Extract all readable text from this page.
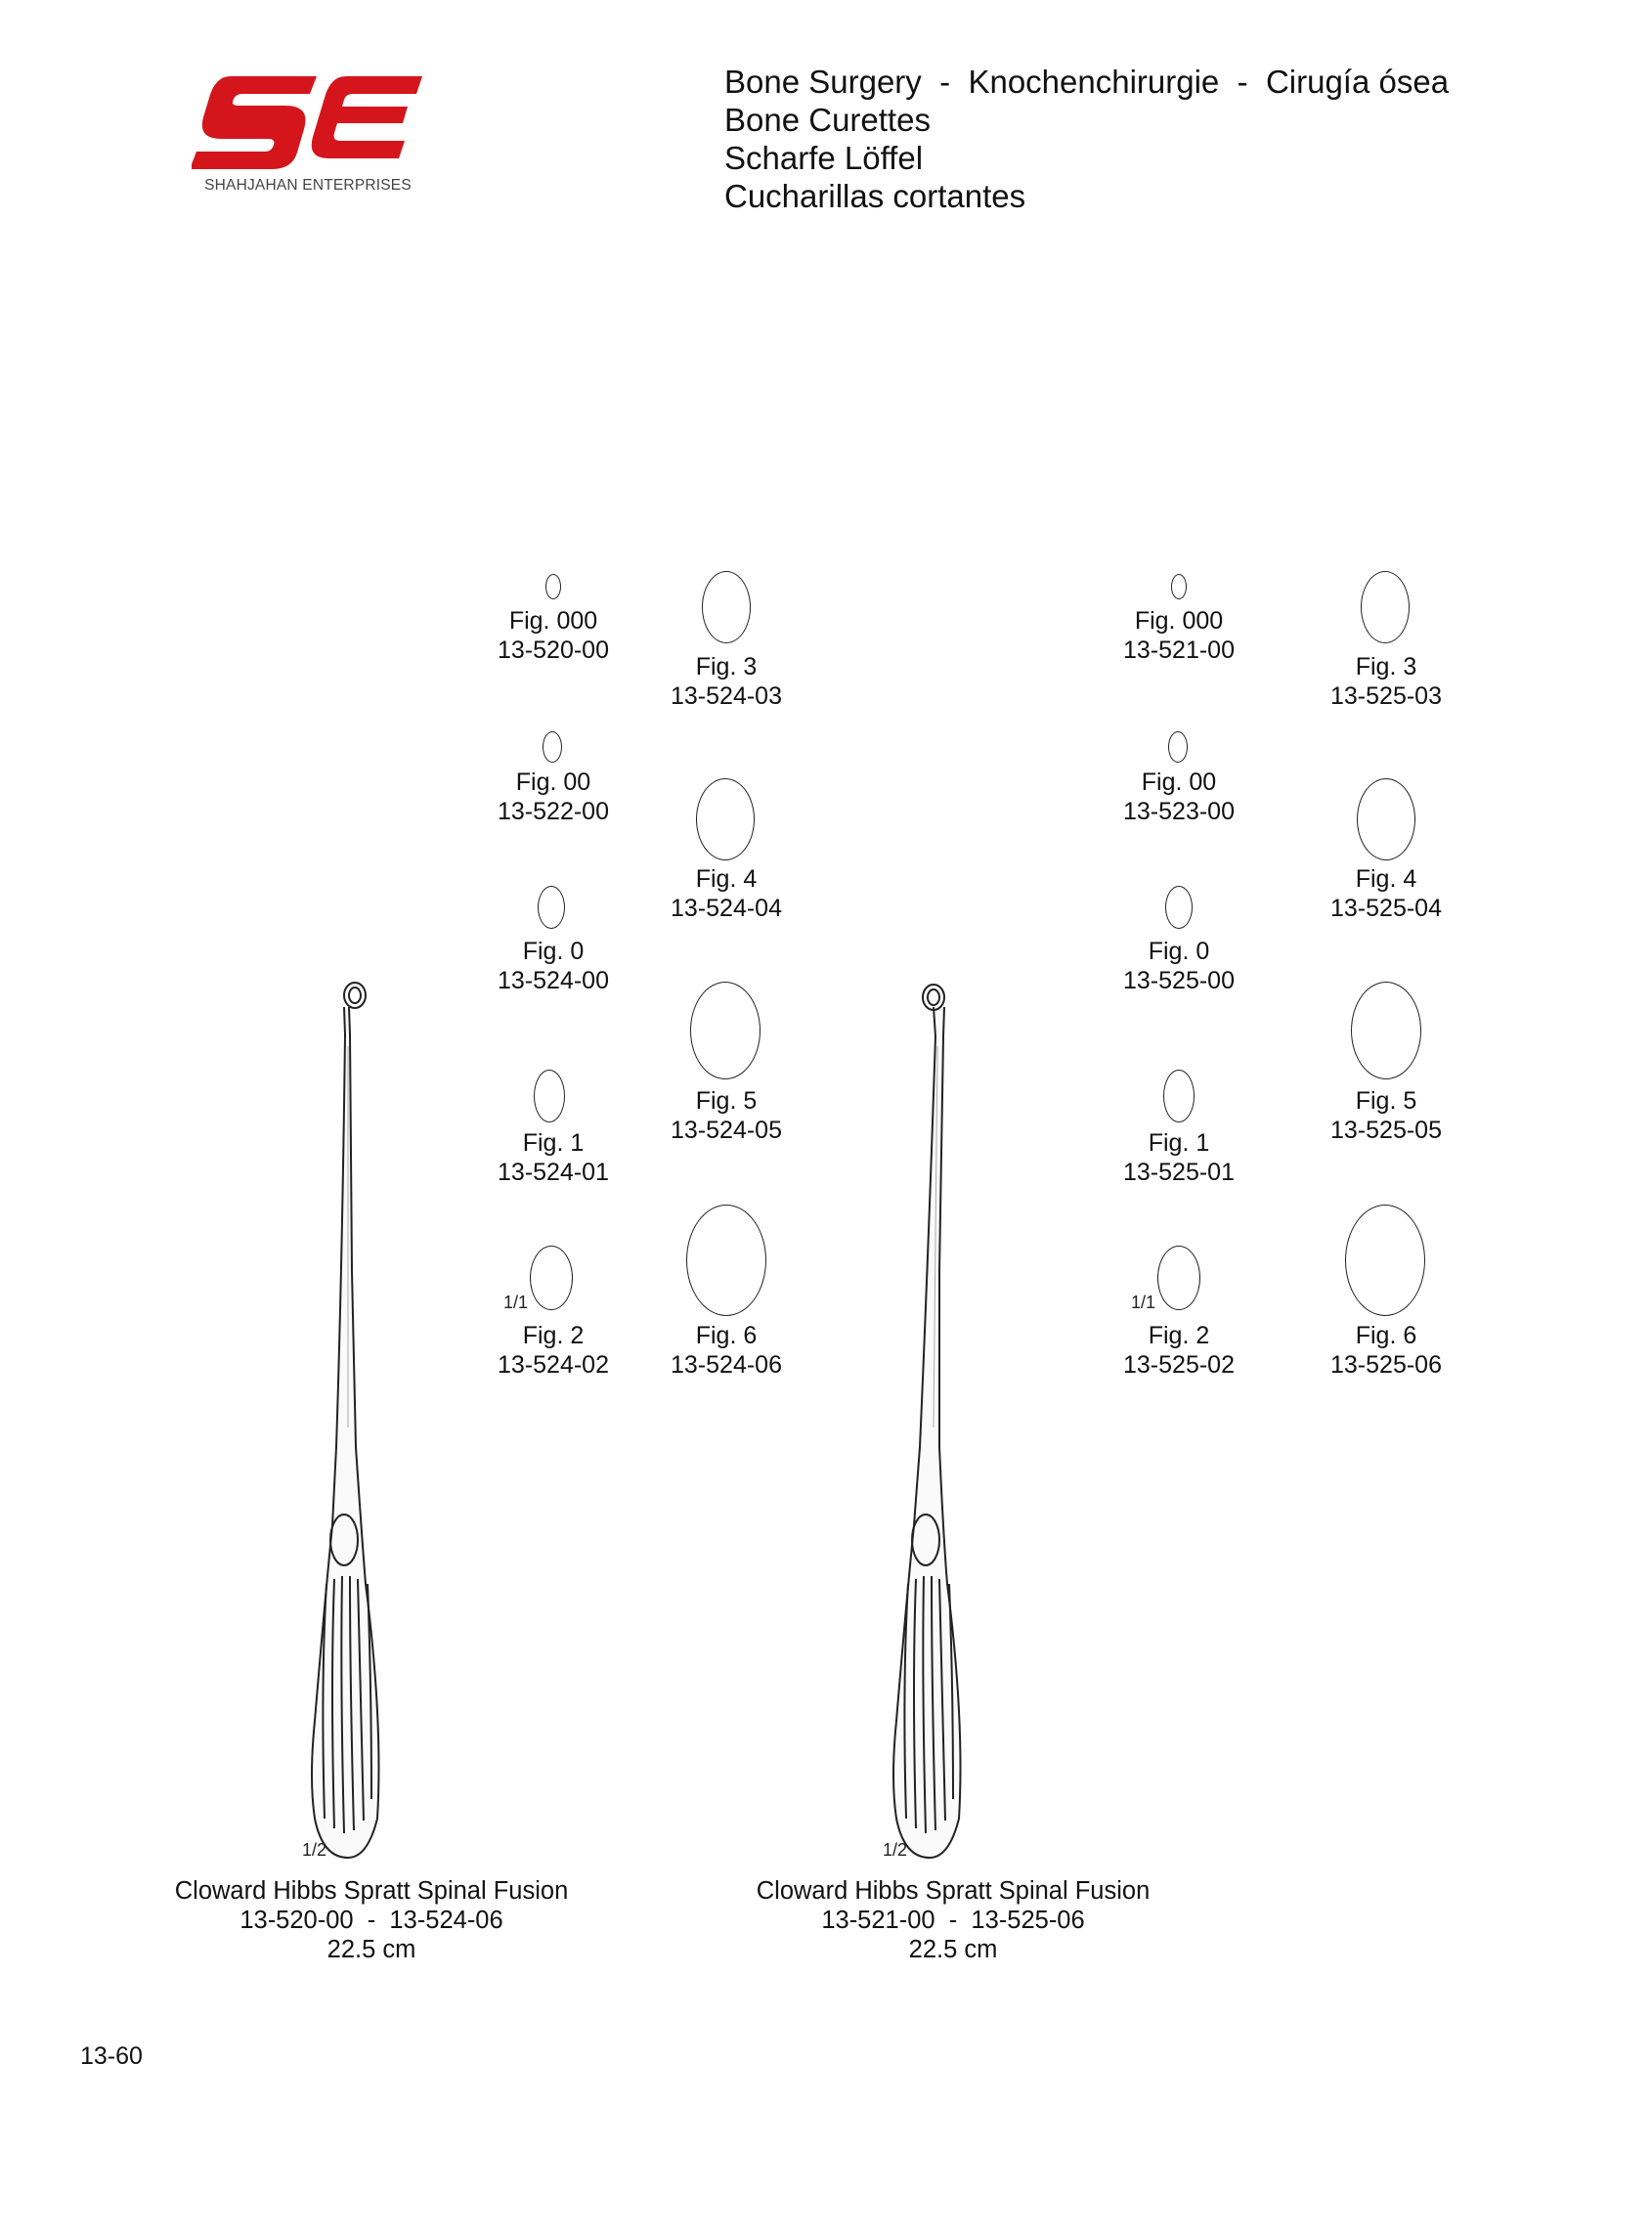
SHAHJAHAN ENTERPRISES
Bone Surgery  -  Knochenchirurgie  -  Cirugía ósea
Bone Curettes
Scharfe Löffel
Cucharillas cortantes
Fig. 000
13-520-00
Fig. 00
13-522-00
Fig. 0
13-524-00
Fig. 1
13-524-01
1/1
Fig. 2
13-524-02
Fig. 3
13-524-03
Fig. 4
13-524-04
Fig. 5
13-524-05
Fig. 6
13-524-06
Fig. 000
13-521-00
Fig. 00
13-523-00
Fig. 0
13-525-00
Fig. 1
13-525-01
1/1
Fig. 2
13-525-02
Fig. 3
13-525-03
Fig. 4
13-525-04
Fig. 5
13-525-05
Fig. 6
13-525-06
1/2	1/2
Cloward Hibbs Spratt Spinal Fusion
13-520-00  -  13-524-06
22.5 cm
Cloward Hibbs Spratt Spinal Fusion
13-521-00  -  13-525-06
22.5 cm
13-60
